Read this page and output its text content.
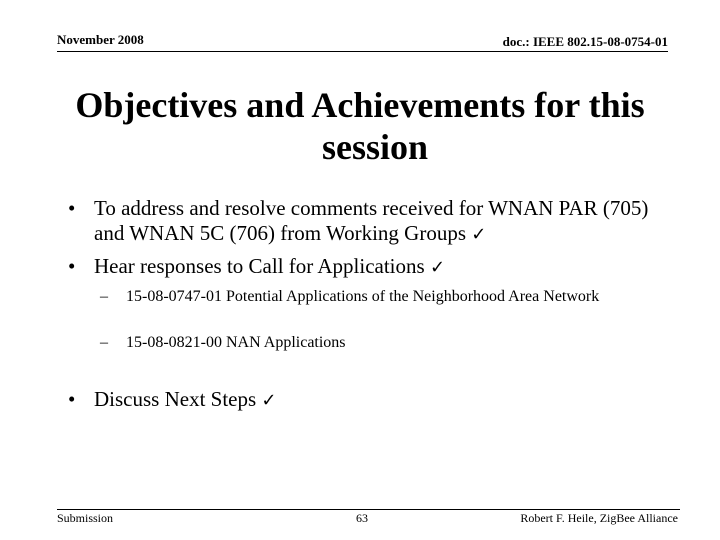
November 2008	doc.: IEEE 802.15-08-0754-01
Objectives and Achievements for this
session
• To address and resolve comments received for WNAN PAR (705) and WNAN 5C (706) from Working Groups ✓
• Hear responses to Call for Applications ✓
–	15-08-0747-01 Potential Applications of the Neighborhood Area Network
–	15-08-0821-00 NAN Applications
• Discuss Next Steps ✓
Submission	63	Robert F. Heile, ZigBee Alliance
